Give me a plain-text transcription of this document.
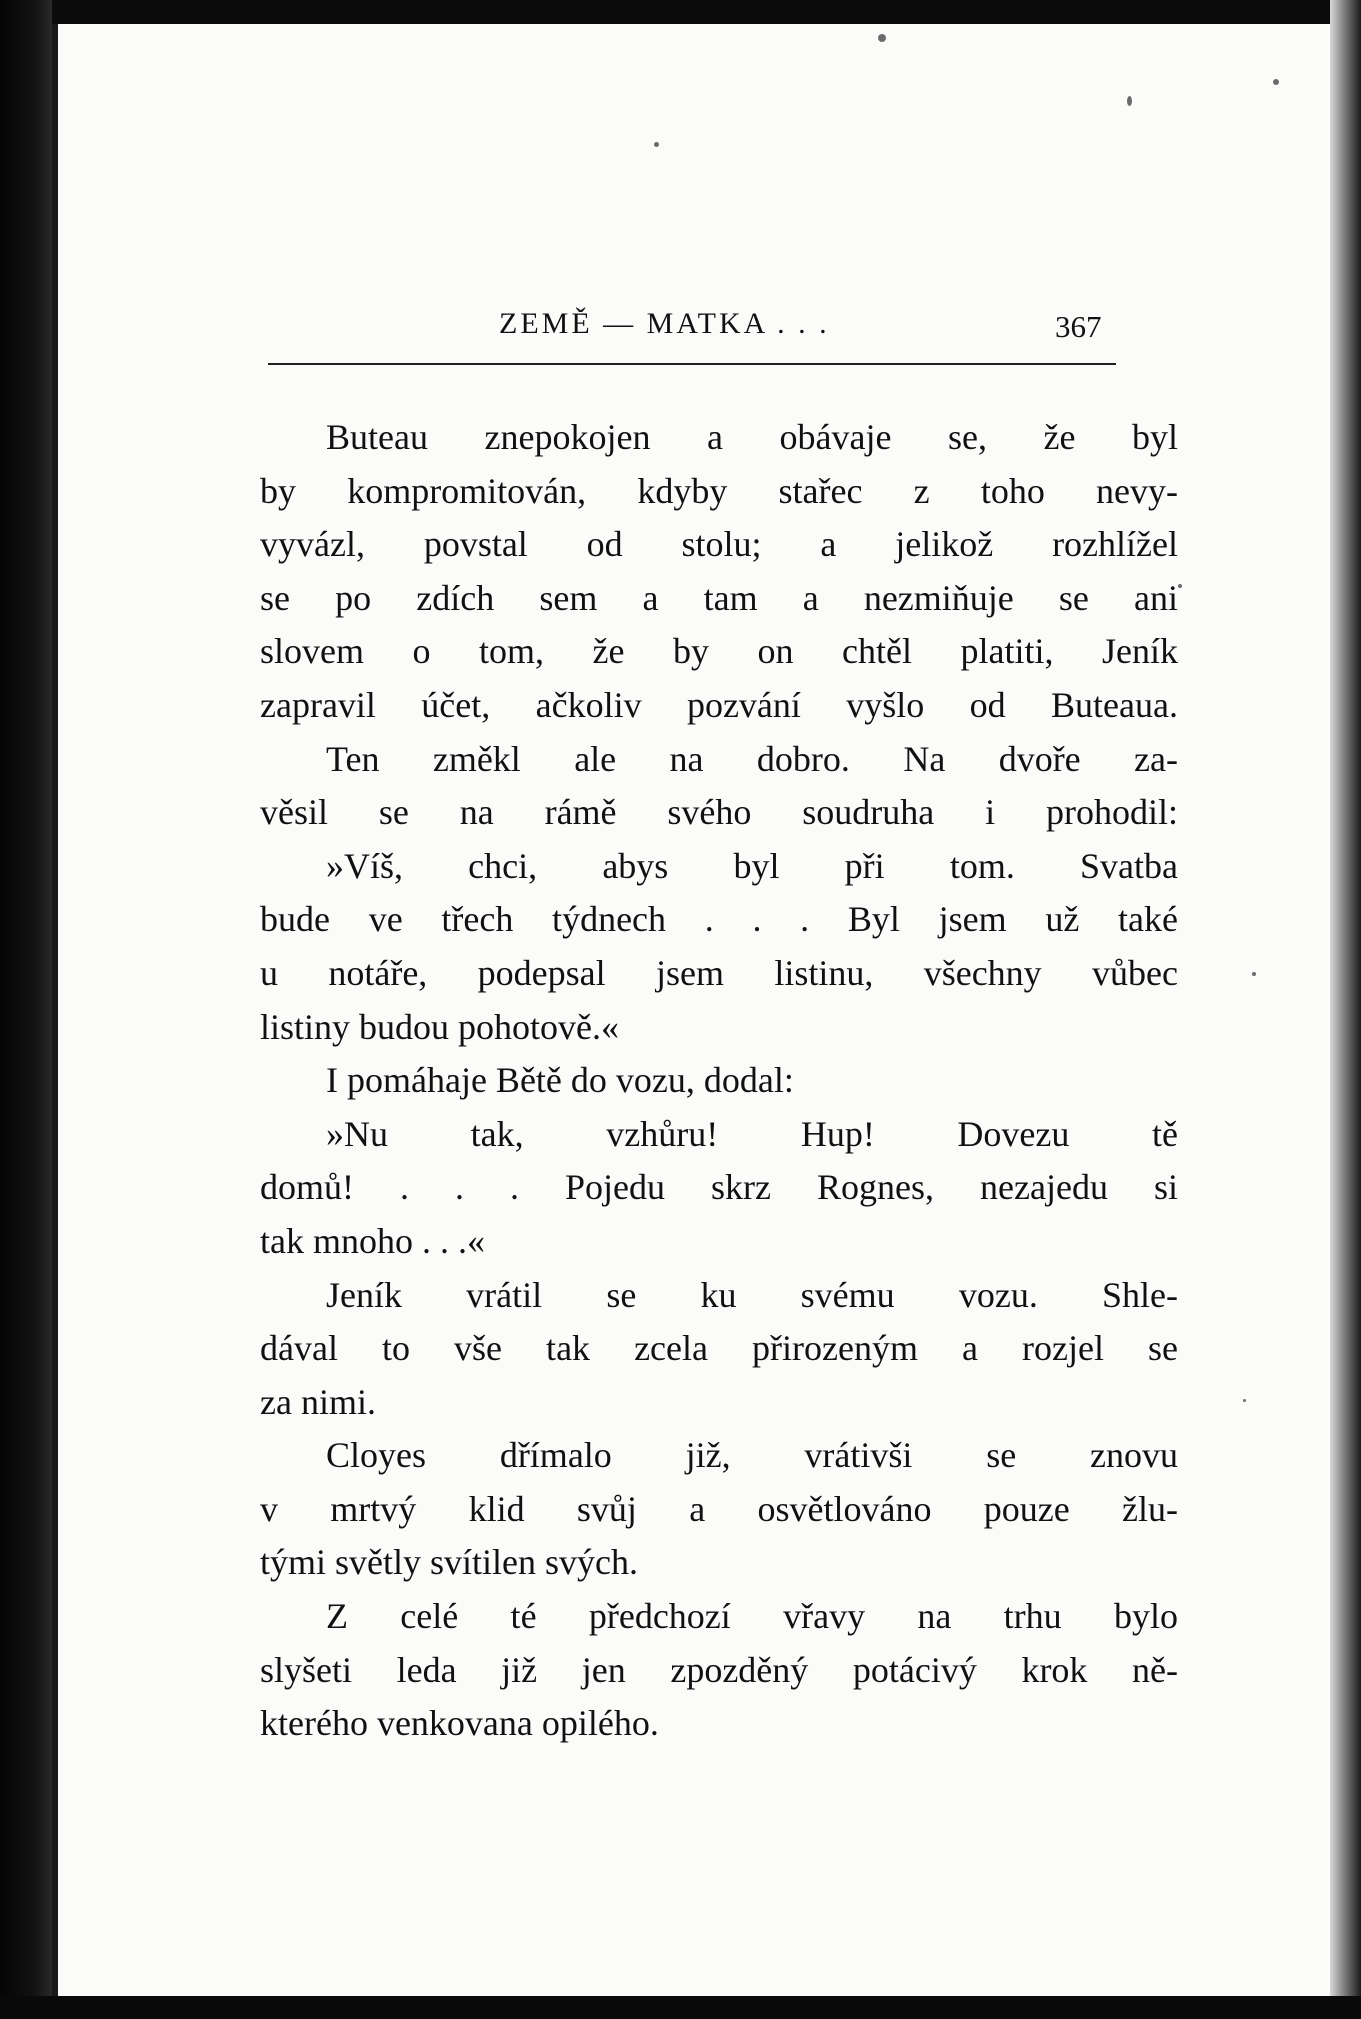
ZEMĚ — MATKA . . .	367
Buteau znepokojen a obávaje se, že byl
by kompromitován, kdyby stařec z toho nevy-
vyvázl, povstal od stolu; a jelikož rozhlížel
se po zdích sem a tam a nezmiňuje se ani
slovem o tom, že by on chtěl platiti, Jeník
zapravil účet, ačkoliv pozvání vyšlo od Buteaua.
Ten změkl ale na dobro. Na dvoře za-
věsil se na rámě svého soudruha i prohodil:
»Víš, chci, abys byl při tom. Svatba
bude ve třech týdnech . . . Byl jsem už také
u notáře, podepsal jsem listinu, všechny vůbec
listiny budou pohotově.«
I pomáhaje Bětě do vozu, dodal:
»Nu tak, vzhůru! Hup! Dovezu tě
domů! . . . Pojedu skrz Rognes, nezajedu si
tak mnoho . . .«
Jeník vrátil se ku svému vozu. Shle-
dával to vše tak zcela přirozeným a rozjel se
za nimi.
Cloyes dřímalo již, vrátivši se znovu
v mrtvý klid svůj a osvětlováno pouze žlu-
tými světly svítilen svých.
Z celé té předchozí vřavy na trhu bylo
slyšeti leda již jen zpozděný potácivý krok ně-
kterého venkovana opilého.
